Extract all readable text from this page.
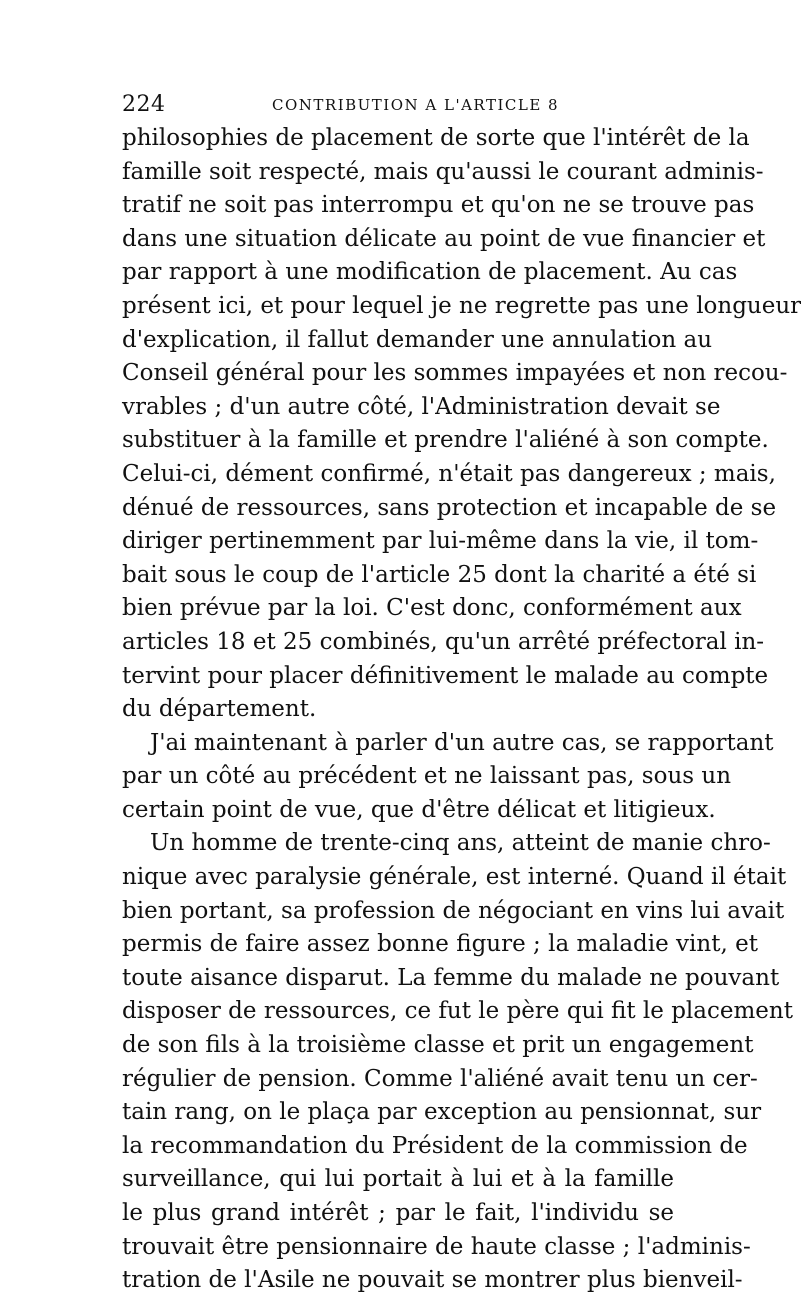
224	CONTRIBUTION A L'ARTICLE 8
philosophies de placement de sorte que l'intérêt de la
famille soit respecté, mais qu'aussi le courant adminis-
tratif ne soit pas interrompu et qu'on ne se trouve pas
dans une situation délicate au point de vue financier et
par rapport à une modification de placement. Au cas
présent ici, et pour lequel je ne regrette pas une longueur
d'explication, il fallut demander une annulation au
Conseil général pour les sommes impayées et non recou-
vrables ; d'un autre côté, l'Administration devait se
substituer à la famille et prendre l'aliéné à son compte.
Celui-ci, dément confirmé, n'était pas dangereux ; mais,
dénué de ressources, sans protection et incapable de se
diriger pertinemment par lui-même dans la vie, il tom-
bait sous le coup de l'article 25 dont la charité a été si
bien prévue par la loi. C'est donc, conformément aux
articles 18 et 25 combinés, qu'un arrêté préfectoral in-
tervint pour placer définitivement le malade au compte
du département.
J'ai maintenant à parler d'un autre cas, se rapportant
par un côté au précédent et ne laissant pas, sous un
certain point de vue, que d'être délicat et litigieux.
Un homme de trente-cinq ans, atteint de manie chro-
nique avec paralysie générale, est interné. Quand il était
bien portant, sa profession de négociant en vins lui avait
permis de faire assez bonne figure ; la maladie vint, et
toute aisance disparut. La femme du malade ne pouvant
disposer de ressources, ce fut le père qui fit le placement
de son fils à la troisième classe et prit un engagement
régulier de pension. Comme l'aliéné avait tenu un cer-
tain rang, on le plaça par exception au pensionnat, sur
la recommandation du Président de la commission de
surveillance, qui lui portait à lui et à la famille
le plus grand intérêt ; par le fait, l'individu se
trouvait être pensionnaire de haute classe ; l'adminis-
tration de l'Asile ne pouvait se montrer plus bienveil-
